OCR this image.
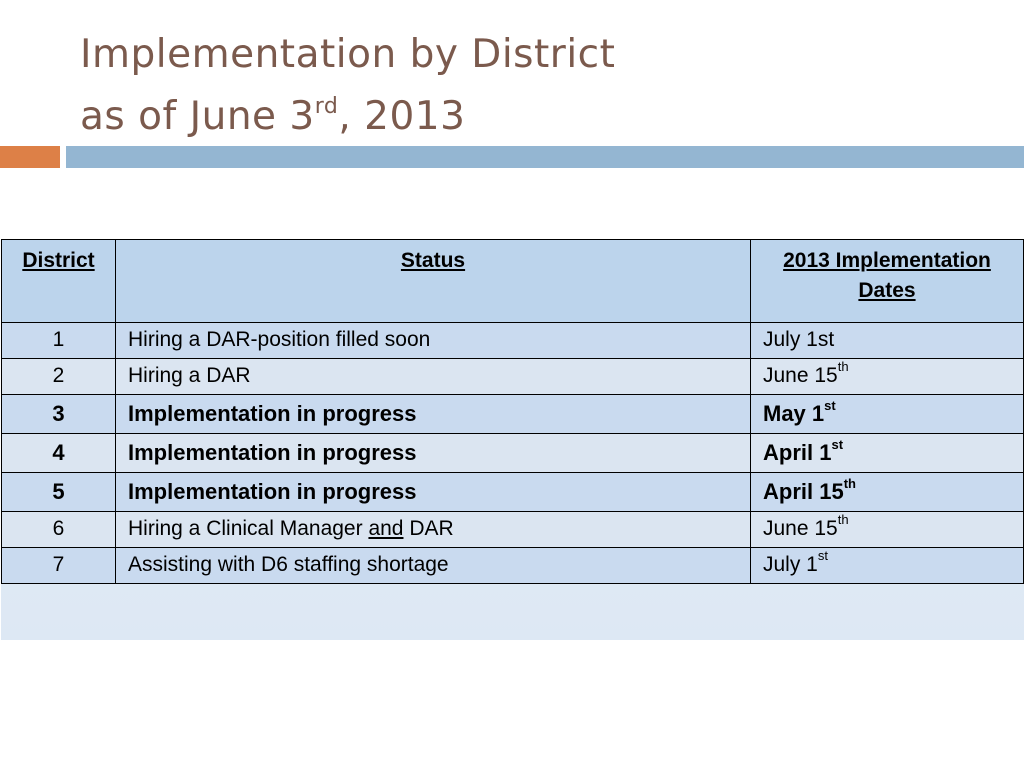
Implementation by District
as of June 3rd, 2013
District	Status	2013 Implementation Dates
1	Hiring a DAR-position filled soon	July 1st
2	Hiring a DAR	June 15th
3	Implementation in progress	May 1st
4	Implementation in progress	April 1st
5	Implementation in progress	April 15th
6	Hiring a Clinical Manager and DAR	June 15th
7	Assisting with D6 staffing shortage	July 1st
